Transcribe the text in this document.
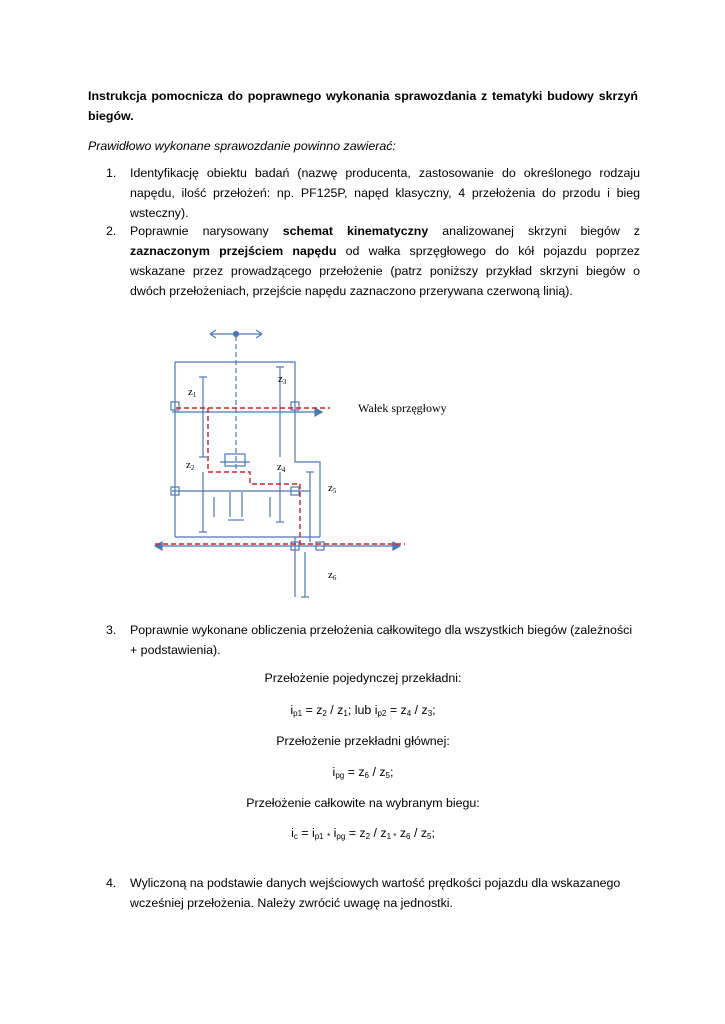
Instrukcja pomocnicza do poprawnego wykonania sprawozdania z tematyki budowy skrzyń biegów.
Prawidłowo wykonane sprawozdanie powinno zawierać:
1. Identyfikację obiektu badań (nazwę producenta, zastosowanie do określonego rodzaju napędu, ilość przełożeń: np. PF125P, napęd klasyczny, 4 przełożenia do przodu i bieg wsteczny).
2. Poprawnie narysowany schemat kinematyczny analizowanej skrzyni biegów z zaznaczonym przejściem napędu od wałka sprzęgłowego do kół pojazdu poprzez wskazane przez prowadzącego przełożenie (patrz poniższy przykład skrzyni biegów o dwóch przełożeniach, przejście napędu zaznaczono przerywana czerwoną linią).
z1
z3
z2	z4
z5
z6
Wałek sprzęgłowy
3. Poprawnie wykonane obliczenia przełożenia całkowitego dla wszystkich biegów (zależności + podstawienia).
Przełożenie pojedynczej przekładni:
$i_{p1} = z_2 / z_1$; lub $i_{p2} = z_4 / z_3$;
Przełożenie przekładni głównej:
$i_{pg} = z_6 / z_5$;
Przełożenie całkowite na wybranym biegu:
$i_c = i_{p1}$ $_*$ $i_{pg} = z_2 / z_{1 *}$ $z_6 / z_5$;
4. Wyliczoną na podstawie danych wejściowych wartość prędkości pojazdu dla wskazanego wcześniej przełożenia. Należy zwrócić uwagę na jednostki.
